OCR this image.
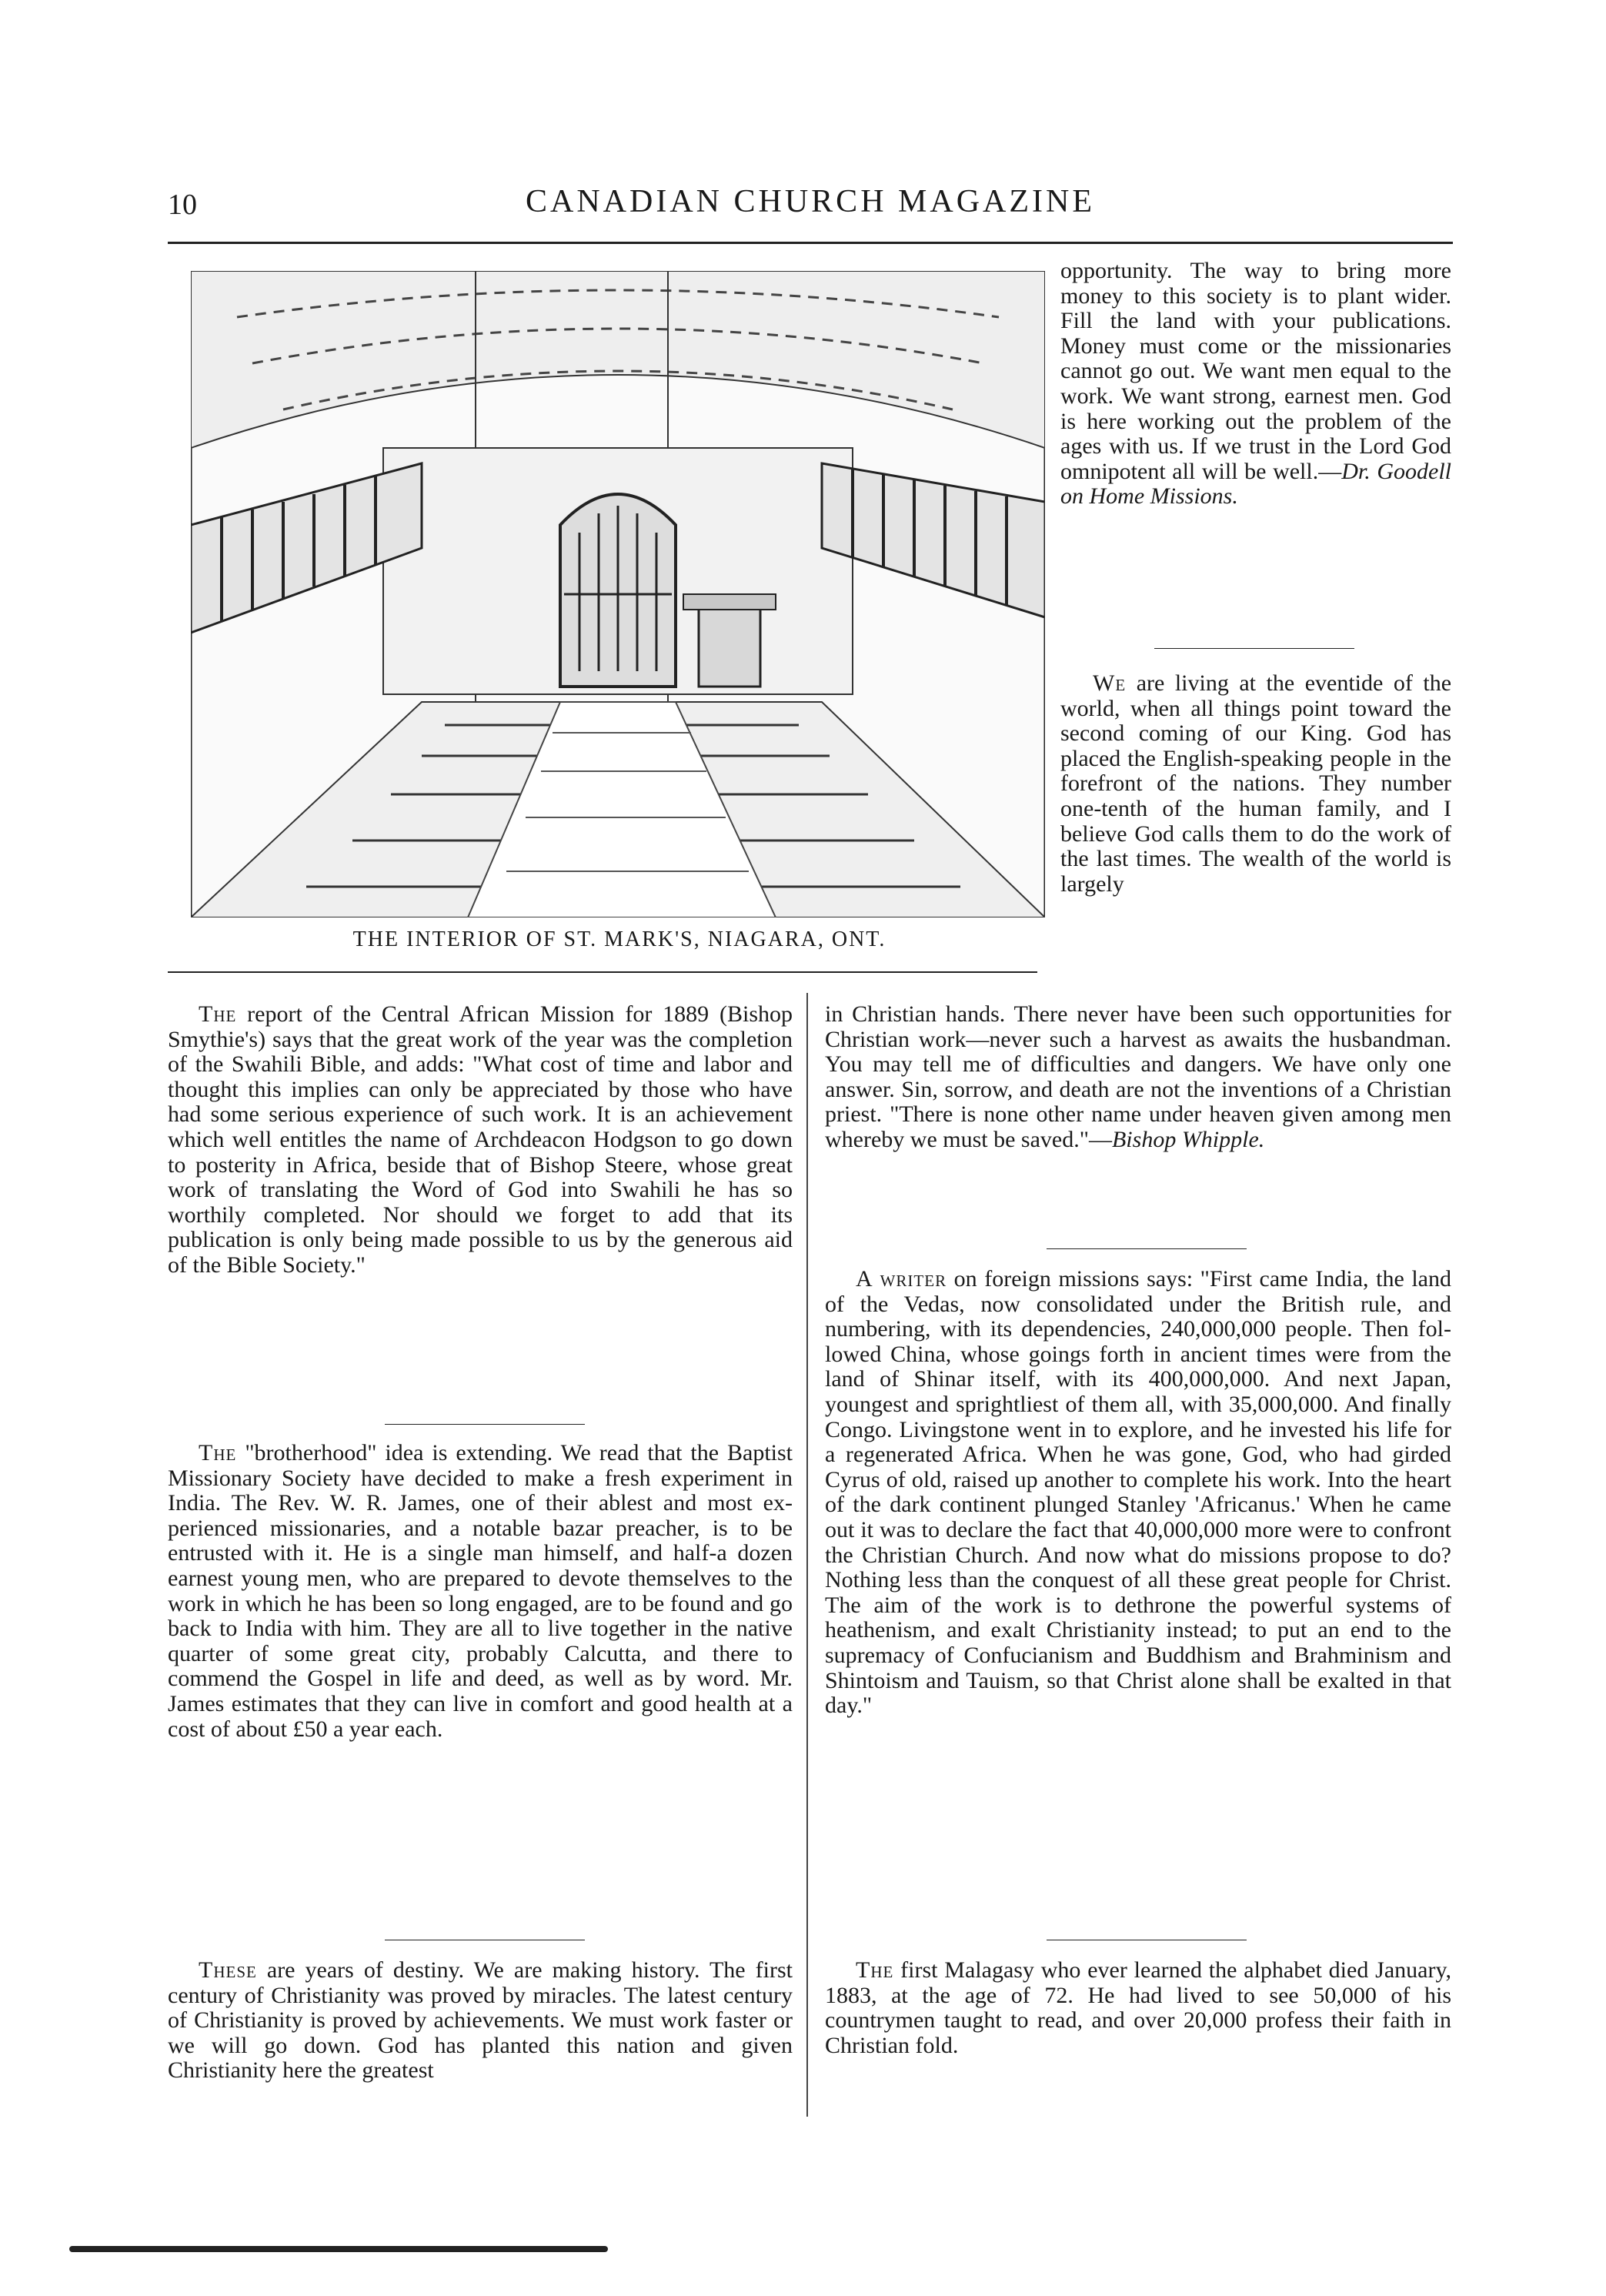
10	CANADIAN CHURCH MAGAZINE
THE INTERIOR OF ST. MARK'S, NIAGARA, ONT.

opportunity. The way to bring more money to this society is to plant wider. Fill the land with your publications. Money must come or the missionaries cannot go out. We want men equal to the work. We want strong, earnest men. God is here working out the problem of the ages with us. If we trust in the Lord God omnipotent all will be well.—Dr. Goodell on Home Missions.

We are living at the eventide of the world, when all things point toward the second coming of our King. God has placed the English-speaking people in the forefront of the nations. They number one-tenth of the human family, and I believe God calls them to do the work of the last times. The wealth of the world is largely

The report of the Central African Mission for 1889 (Bishop Smythie's) says that the great work of the year was the completion of the Swahili Bible, and adds: "What cost of time and labor and thought this implies can only be appreciated by those who have had some serious experience of such work. It is an achievement which well entitles the name of Archdeacon Hodgson to go down to posterity in Africa, beside that of Bishop Steere, whose great work of translating the Word of God into Swahili he has so worthily completed. Nor should we forget to add that its publication is only being made possible to us by the generous aid of the Bible Society."

The "brotherhood" idea is extending. We read that the Baptist Missionary Society have decided to make a fresh experiment in India. The Rev. W. R. James, one of their ablest and most experienced missionaries, and a notable bazar preacher, is to be entrusted with it. He is a single man himself, and half-a dozen earnest young men, who are prepared to devote themselves to the work in which he has been so long engaged, are to be found and go back to India with him. They are all to live together in the native quarter of some great city, probably Calcutta, and there to commend the Gospel in life and deed, as well as by word. Mr. James estimates that they can live in comfort and good health at a cost of about £50 a year each.

These are years of destiny. We are making history. The first century of Christianity was proved by miracles. The latest century of Christianity is proved by achievements. We must work faster or we will go down. God has planted this nation and given Christianity here the greatest

in Christian hands. There never have been such opportunities for Christian work—never such a harvest as awaits the husbandman. You may tell me of difficulties and dangers. We have only one answer. Sin, sorrow, and death are not the inventions of a Christian priest. "There is none other name under heaven given among men whereby we must be saved."—Bishop Whipple.

A writer on foreign missions says: "First came India, the land of the Vedas, now consolidated under the British rule, and numbering, with its dependencies, 240,000,000 people. Then followed China, whose goings forth in ancient times were from the land of Shinar itself, with its 400,000,000. And next Japan, youngest and sprightliest of them all, with 35,000,000. And finally Congo. Livingstone went in to explore, and he invested his life for a regenerated Africa. When he was gone, God, who had girded Cyrus of old, raised up another to complete his work. Into the heart of the dark continent plunged Stanley 'Africanus.' When he came out it was to declare the fact that 40,000,000 more were to confront the Christian Church. And now what do missions propose to do? Nothing less than the conquest of all these great people for Christ. The aim of the work is to dethrone the powerful systems of heathenism, and exalt Christianity instead; to put an end to the supremacy of Confucianism and Buddhism and Brahminism and Shintoism and Tauism, so that Christ alone shall be exalted in that day."

The first Malagasy who ever learned the alphabet died January, 1883, at the age of 72. He had lived to see 50,000 of his countrymen taught to read, and over 20,000 profess their faith in Christian fold.
